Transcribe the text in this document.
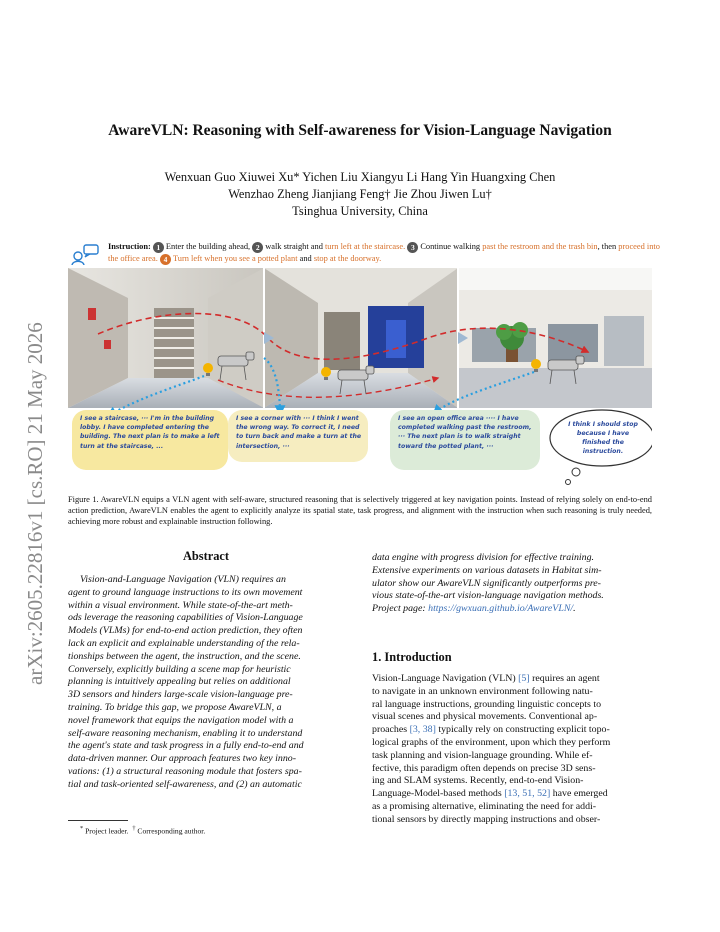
arXiv:2605.22816v1 [cs.RO] 21 May 2026
AwareVLN: Reasoning with Self-awareness for Vision-Language Navigation
Wenxuan Guo Xiuwei Xu* Yichen Liu Xiangyu Li Hang Yin Huangxing Chen
Wenzhao Zheng Jianjiang Feng† Jie Zhou Jiwen Lu†
Tsinghua University, China
Instruction: 1 Enter the building ahead, 2 walk straight and turn left at the staircase. 3 Continue walking past the restroom and the trash bin, then proceed into the office area. 4 Turn left when you see a potted plant and stop at the doorway.
I see a staircase, ··· I'm in the building lobby. I have completed entering the building. The next plan is to make a left turn at the staircase, ...
I see a corner with ··· I think I went the wrong way. To correct it, I need to turn back and make a turn at the intersection, ···
I see an open office area ···· I have completed walking past the restroom, ··· The next plan is to walk straight toward the potted plant, ···
I think I should stop because I have finished the instruction.
Figure 1. AwareVLN equips a VLN agent with self-aware, structured reasoning that is selectively triggered at key navigation points. Instead of relying solely on end-to-end action prediction, AwareVLN enables the agent to explicitly analyze its spatial state, task progress, and alignment with the instruction when such reasoning is truly needed, achieving more robust and explainable instruction following.
Abstract
Vision-and-Language Navigation (VLN) requires an
agent to ground language instructions to its own movement
within a visual environment. While state-of-the-art meth-
ods leverage the reasoning capabilities of Vision-Language
Models (VLMs) for end-to-end action prediction, they often
lack an explicit and explainable understanding of the rela-
tionships between the agent, the instruction, and the scene.
Conversely, explicitly building a scene map for heuristic
planning is intuitively appealing but relies on additional
3D sensors and hinders large-scale vision-language pre-
training. To bridge this gap, we propose AwareVLN, a
novel framework that equips the navigation model with a
self-aware reasoning mechanism, enabling it to understand
the agent's state and task progress in a fully end-to-end and
data-driven manner. Our approach features two key inno-
vations: (1) a structural reasoning module that fosters spa-
tial and task-oriented self-awareness, and (2) an automatic
* Project leader. † Corresponding author.
data engine with progress division for effective training.
Extensive experiments on various datasets in Habitat sim-
ulator show our AwareVLN significantly outperforms pre-
vious state-of-the-art vision-language navigation methods.
Project page: https://gwxuan.github.io/AwareVLN/.
1. Introduction
Vision-Language Navigation (VLN) [5] requires an agent
to navigate in an unknown environment following natu-
ral language instructions, grounding linguistic concepts to
visual scenes and physical movements. Conventional ap-
proaches [3, 38] typically rely on constructing explicit topo-
logical graphs of the environment, upon which they perform
task planning and vision-language grounding. While ef-
fective, this paradigm often depends on precise 3D sens-
ing and SLAM systems. Recently, end-to-end Vision-
Language-Model-based methods [13, 51, 52] have emerged
as a promising alternative, eliminating the need for addi-
tional sensors by directly mapping instructions and obser-
